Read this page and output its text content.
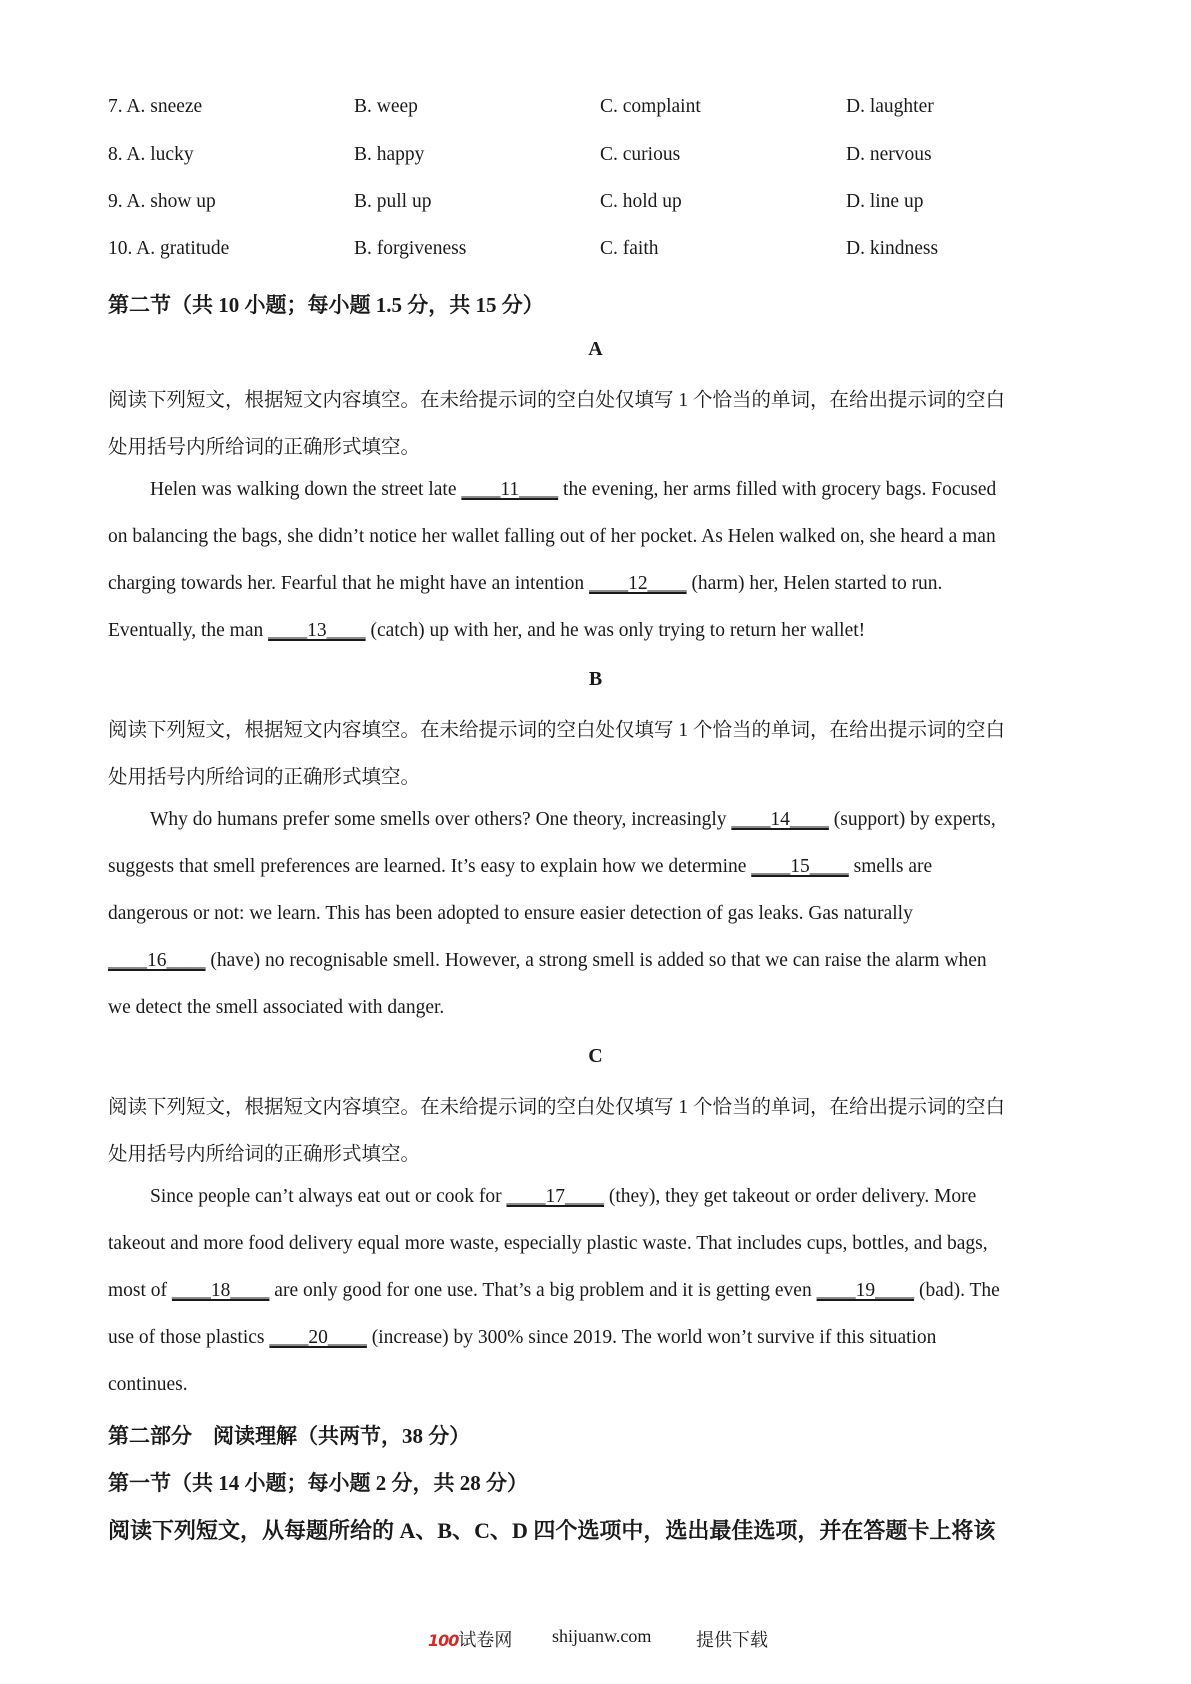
7. A. sneeze	B. weep	C. complaint	D. laughter
8. A. lucky	B. happy	C. curious	D. nervous
9. A. show up	B. pull up	C. hold up	D. line up
10. A. gratitude	B. forgiveness	C. faith	D. kindness
第二节（共 10 小题；每小题 1.5 分，共 15 分）
A
阅读下列短文，根据短文内容填空。在未给提示词的空白处仅填写 1 个恰当的单词，在给出提示词的空白
处用括号内所给词的正确形式填空。
Helen was walking down the street late ____11____ the evening, her arms filled with grocery bags. Focused
on balancing the bags, she didn’t notice her wallet falling out of her pocket. As Helen walked on, she heard a man
charging towards her. Fearful that he might have an intention ____12____ (harm) her, Helen started to run.
Eventually, the man ____13____ (catch) up with her, and he was only trying to return her wallet!
B
阅读下列短文，根据短文内容填空。在未给提示词的空白处仅填写 1 个恰当的单词，在给出提示词的空白
处用括号内所给词的正确形式填空。
Why do humans prefer some smells over others? One theory, increasingly ____14____ (support) by experts,
suggests that smell preferences are learned. It’s easy to explain how we determine ____15____ smells are
dangerous or not: we learn. This has been adopted to ensure easier detection of gas leaks. Gas naturally
____16____ (have) no recognisable smell. However, a strong smell is added so that we can raise the alarm when
we detect the smell associated with danger.
C
阅读下列短文，根据短文内容填空。在未给提示词的空白处仅填写 1 个恰当的单词，在给出提示词的空白
处用括号内所给词的正确形式填空。
Since people can’t always eat out or cook for ____17____ (they), they get takeout or order delivery. More
takeout and more food delivery equal more waste, especially plastic waste. That includes cups, bottles, and bags,
most of ____18____ are only good for one use. That’s a big problem and it is getting even ____19____ (bad). The
use of those plastics ____20____ (increase) by 300% since 2019. The world won’t survive if this situation
continues.
第二部分　阅读理解（共两节，38 分）
第一节（共 14 小题；每小题 2 分，共 28 分）
阅读下列短文，从每题所给的 A、B、C、D 四个选项中，选出最佳选项，并在答题卡上将该
100试卷网 shijuanw.com 提供下载
